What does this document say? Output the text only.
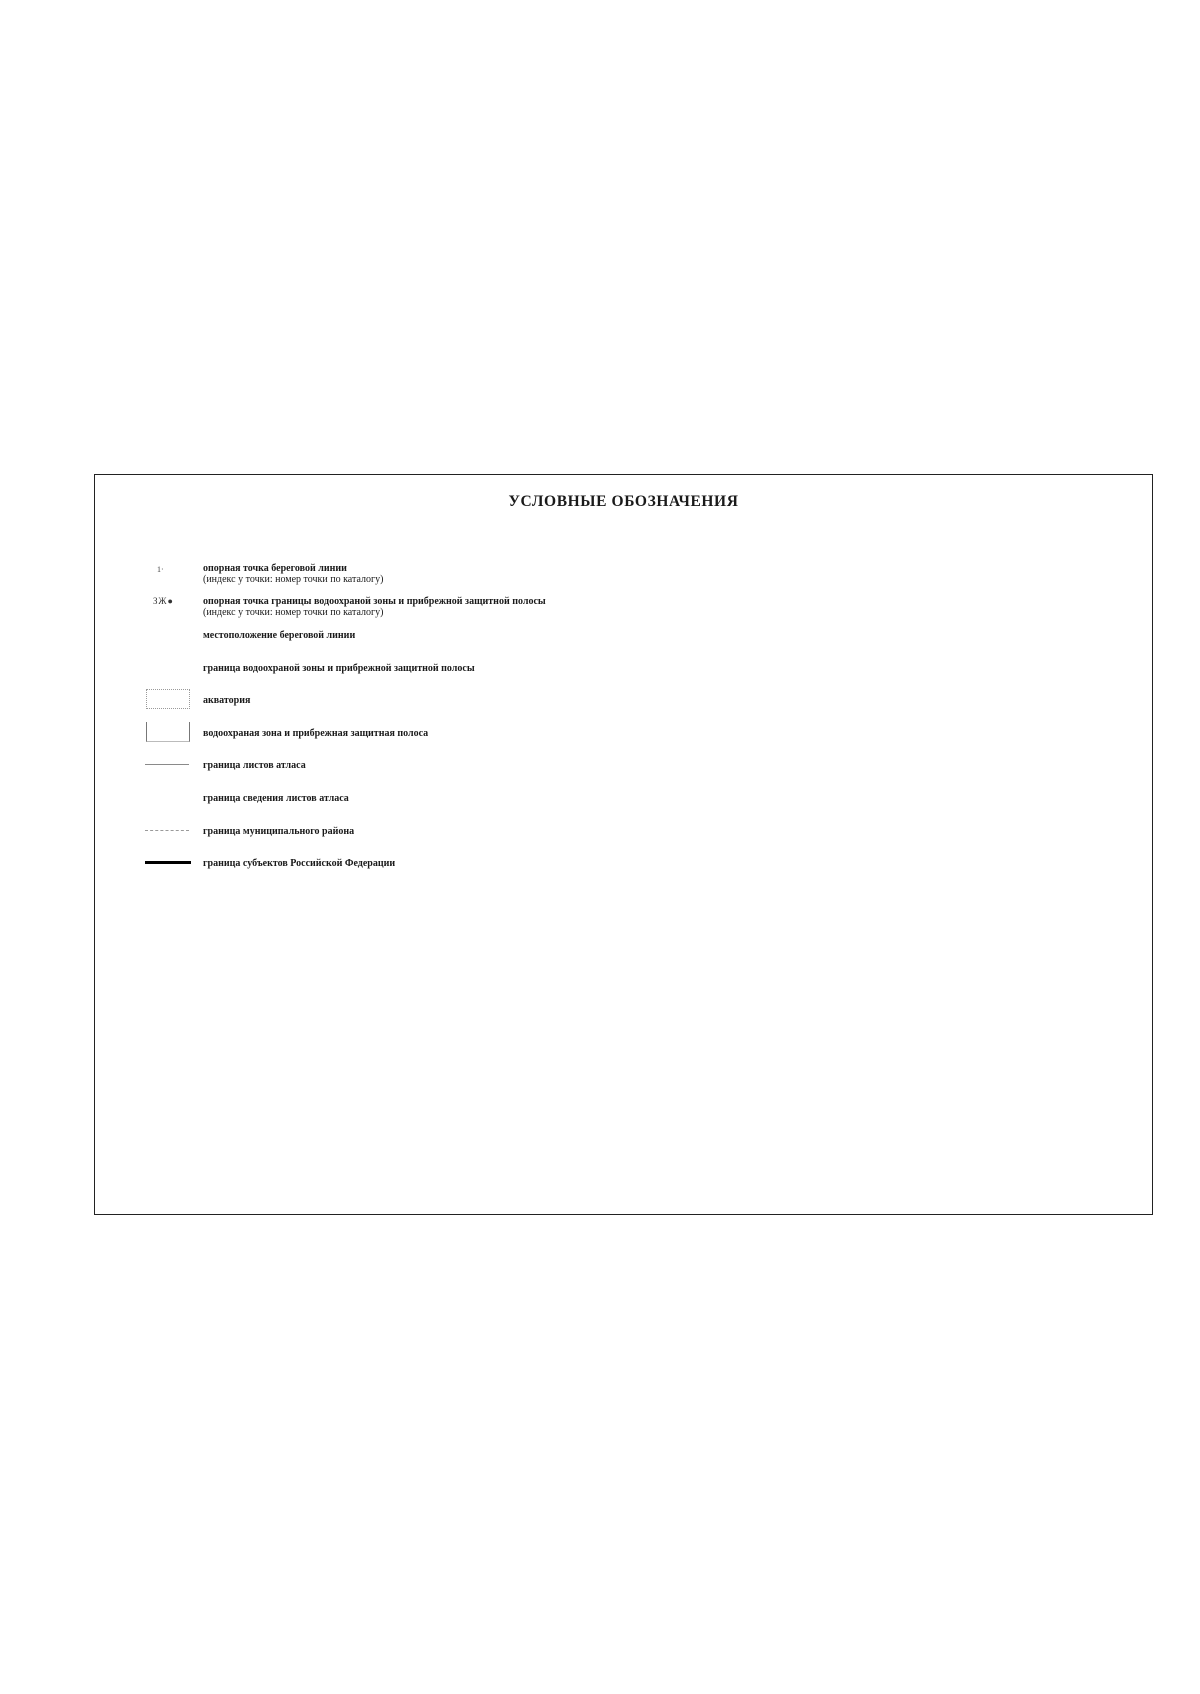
УСЛОВНЫЕ ОБОЗНАЧЕНИЯ
1·	опорная точка береговой линии
(индекс у точки: номер точки по каталогу)
ЗЖ●	опорная точка границы водоохраной зоны и прибрежной защитной полосы
(индекс у точки: номер точки по каталогу)
местоположение береговой линии
граница водоохраной зоны и прибрежной защитной полосы
акватория
водоохраная зона и прибрежная защитная полоса
граница листов атласа
граница сведения листов атласа
граница муниципального района
граница субъектов Российской Федерации
